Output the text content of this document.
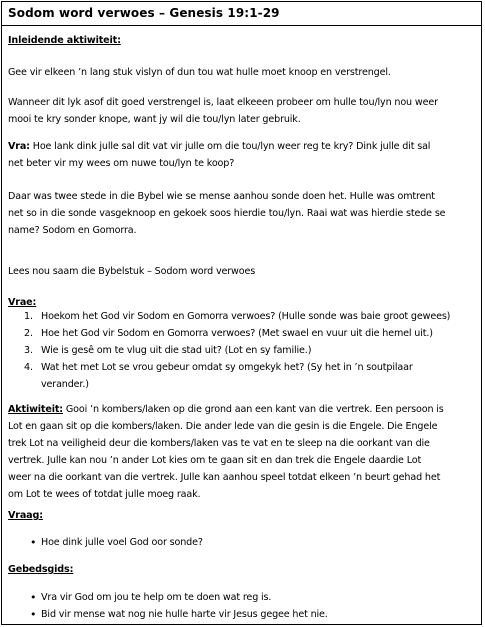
Sodom word verwoes – Genesis 19:1-29
Inleidende aktiwiteit:
Gee vir elkeen ’n lang stuk vislyn of dun tou wat hulle moet knoop en verstrengel.
Wanneer dit lyk asof dit goed verstrengel is, laat elkeeen probeer om hulle tou/lyn nou weer
mooi te kry sonder knope, want jy wil die tou/lyn later gebruik.
Vra: Hoe lank dink julle sal dit vat vir julle om die tou/lyn weer reg te kry? Dink julle dit sal
net beter vir my wees om nuwe tou/lyn te koop?
Daar was twee stede in die Bybel wie se mense aanhou sonde doen het. Hulle was omtrent
net so in die sonde vasgeknoop en gekoek soos hierdie tou/lyn. Raai wat was hierdie stede se
name? Sodom en Gomorra.
Lees nou saam die Bybelstuk – Sodom word verwoes
Vrae:
1. Hoekom het God vir Sodom en Gomorra verwoes? (Hulle sonde was baie groot gewees)
2. Hoe het God vir Sodom en Gomorra verwoes? (Met swael en vuur uit die hemel uit.)
3. Wie is gesê om te vlug uit die stad uit? (Lot en sy familie.)
4. Wat het met Lot se vrou gebeur omdat sy omgekyk het? (Sy het in ’n soutpilaar
verander.)
Aktiwiteit: Gooi ’n kombers/laken op die grond aan een kant van die vertrek. Een persoon is
Lot en gaan sit op die kombers/laken. Die ander lede van die gesin is die Engele. Die Engele
trek Lot na veiligheid deur die kombers/laken vas te vat en te sleep na die oorkant van die
vertrek. Julle kan nou ’n ander Lot kies om te gaan sit en dan trek die Engele daardie Lot
weer na die oorkant van die vertrek. Julle kan aanhou speel totdat elkeen ’n beurt gehad het
om Lot te wees of totdat julle moeg raak.
Vraag:
• Hoe dink julle voel God oor sonde?
Gebedsgids:
• Vra vir God om jou te help om te doen wat reg is.
• Bid vir mense wat nog nie hulle harte vir Jesus gegee het nie.
